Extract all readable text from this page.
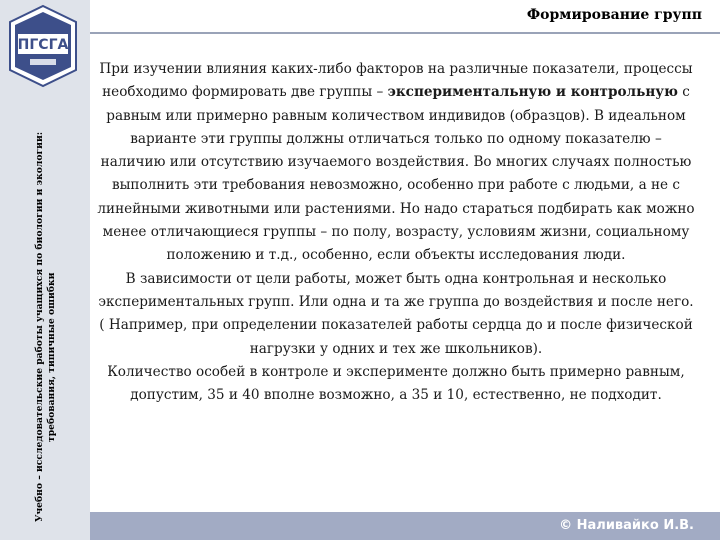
ПГСГА
Учебно – исследовательские работы учащихся по биологии и экологии: требования, типичные ошибки
Формирование групп

При изучении влияния каких-либо факторов на различные показатели, процессы необходимо формировать две группы – экспериментальную и контрольную с равным или примерно равным количеством индивидов (образцов). В идеальном варианте эти группы должны отличаться только по одному показателю – наличию или отсутствию изучаемого воздействия. Во многих случаях полностью выполнить эти требования невозможно, особенно при работе с людьми, а не с линейными животными или растениями. Но надо стараться подбирать как можно менее отличающиеся группы – по полу, возрасту, условиям жизни, социальному положению и т.д., особенно, если объекты исследования люди.

В зависимости от цели работы, может быть одна контрольная и несколько экспериментальных групп. Или одна и та же группа до воздействия и после него.( Например, при определении показателей работы сердца до и после физической нагрузки у одних и тех же школьников).

Количество особей в контроле и эксперименте должно быть примерно равным, допустим, 35 и 40 вполне возможно, а 35 и 10, естественно, не подходит.

© Наливайко И.В.
